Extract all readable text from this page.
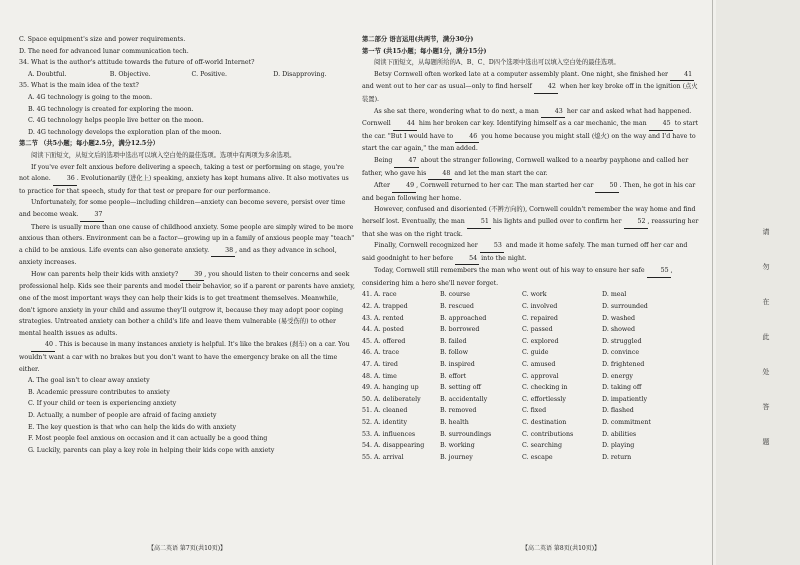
C. Space equipment's size and power requirements.

D. The need for advanced lunar communication tech.

34. What is the author's attitude towards the future of off-world Internet?

A. Doubtful.	B. Objective.	C. Positive.	D. Disapproving.

35. What is the main idea of the text?

A. 4G technology is going to the moon.

B. 4G technology is created for exploring the moon.

C. 4G technology helps people live better on the moon.

D. 4G technology develops the exploration plan of the moon.

第二节 （共5小题；每小题2.5分，满分12.5分）

阅读下面短文，从短文后的选项中选出可以填入空白处的最佳选项。选项中有两项为多余选项。

If you've ever felt anxious before delivering a speech, taking a test or performing on stage, you're not alone.	36 . Evolutionarily (进化上) speaking, anxiety has kept humans alive. It also motivates us to practice for that speech, study for that test or prepare for our performance.

Unfortunately, for some people—including children—anxiety can become severe, persist over time and become weak.	37

There is usually more than one cause of childhood anxiety. Some people are simply wired to be more anxious than others. Environment can be a factor—growing up in a family of anxious people may "teach" a child to be anxious. Life events can also generate anxiety.	38 , and as they advance in school, anxiety increases.

How can parents help their kids with anxiety?	39 , you should listen to their concerns and seek professional help. Kids see their parents and model their behavior, so if a parent or parents have anxiety, one of the most important ways they can help their kids is to get treatment themselves. Meanwhile, don't ignore anxiety in your child and assume they'll outgrow it, because they may adopt poor coping strategies. Untreated anxiety can bother a child's life and leave them vulnerable (易受伤的) to other mental health issues as adults.

40 . This is because in many instances anxiety is helpful. It's like the brakes (刹车) on a car. You wouldn't want a car with no brakes but you don't want to have the emergency brake on all the time either.

A. The goal isn't to clear away anxiety

B. Academic pressure contributes to anxiety

C. If your child or teen is experiencing anxiety

D. Actually, a number of people are afraid of facing anxiety

E. The key question is that who can help the kids do with anxiety

F. Most people feel anxious on occasion and it can actually be a good thing

G. Luckily, parents can play a key role in helping their kids cope with anxiety

第二部分 语言运用(共两节，满分30分)

第一节 (共15小题；每小题1分，满分15分)

阅读下面短文，从每题所给的A、B、C、D四个选项中选出可以填入空白处的最佳选项。

Betsy Cornwell often worked late at a computer assembly plant. One night, she finished her	41 and went out to her car as usual—only to find herself	42 when her key broke off in the ignition (点火装置).

As she sat there, wondering what to do next, a man	43 her car and asked what had happened. Cornwell	44 him her broken car key. Identifying himself as a car mechanic, the man	45 to start the car. "But I would have to	46 you home because you might stall (熄火) on the way and I'd have to start the car again," the man added.

Being	47 about the stranger following, Cornwell walked to a nearby payphone and called her father, who gave his	48 and let the man start the car.

After	49 , Cornwell returned to her car. The man started her car	50 . Then, he got in his car and began following her home.

However, confused and disoriented (不辨方向的), Cornwell couldn't remember the way home and find herself lost. Eventually, the man	51 his lights and pulled over to confirm her	52 , reassuring her that she was on the right track.

Finally, Cornwell recognized her	53 and made it home safely. The man turned off her car and said goodnight to her before	54 into the night.

Today, Cornwell still remembers the man who went out of his way to ensure her safe	55 , considering him a hero she'll never forget.

41. A. race	B. course	C. work	D. meal
42. A. trapped	B. rescued	C. involved	D. surrounded
43. A. rented	B. approached	C. repaired	D. washed
44. A. posted	B. borrowed	C. passed	D. showed
45. A. offered	B. failed	C. explored	D. struggled
46. A. trace	B. follow	C. guide	D. convince
47. A. tired	B. inspired	C. amused	D. frightened
48. A. time	B. effort	C. approval	D. energy
49. A. hanging up	B. setting off	C. checking in	D. taking off
50. A. deliberately	B. accidentally	C. effortlessly	D. impatiently
51. A. cleaned	B. removed	C. fixed	D. flashed
52. A. identity	B. health	C. destination	D. commitment
53. A. influences	B. surroundings	C. contributions	D. abilities
54. A. disappearing	B. working	C. searching	D. playing
55. A. arrival	B. journey	C. escape	D. return
【高二英语 第7页(共10页)】	【高二英语 第8页(共10页)】
请
勿
在
此
处
答
题
